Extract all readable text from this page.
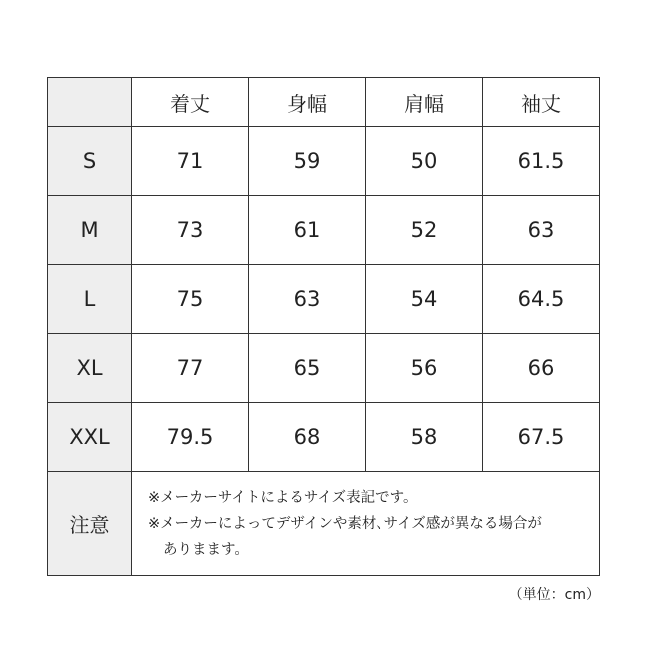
	着丈	身幅	肩幅	袖丈
S	71	59	50	61.5
M	73	61	52	63
L	75	63	54	64.5
XL	77	65	56	66
XXL	79.5	68	58	67.5
注意	※メーカーサイトによるサイズ表記です。
※メーカーによってデザインや素材､サイズ感が異なる場合が
ありまます。			
（単位：cm）
